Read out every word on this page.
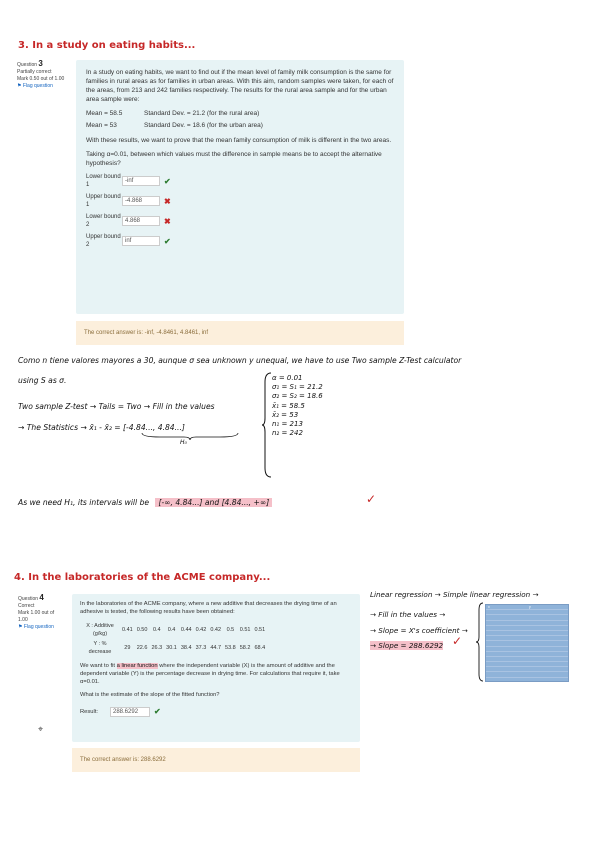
3. In a study on eating habits...
Question 3
Partially correct
Mark 0.50 out of 1.00
⚑ Flag question

In a study on eating habits, we want to find out if the mean level of family milk consumption is the same for families in rural areas as for families in urban areas. With this aim, random samples were taken, for each of the areas, from 213 and 242 families respectively. The results for the rural area sample and for the urban area sample were:

Mean = 58.5	Standard Dev. = 21.2 (for the rural area)
Mean = 53	Standard Dev. = 18.6 (for the urban area)

With these results, we want to prove that the mean family consumption of milk is different in the two areas.

Taking α=0.01, between which values must the difference in sample means be to accept the alternative hypothesis?

Lower bound 1
-inf	✔
Upper bound 1
-4.868	✖
Lower bound 2
4.868	✖
Upper bound 2
inf	✔
The correct answer is: -inf, -4.8461, 4.8461, inf
Como n tiene valores mayores a 30, aunque σ sea unknown y unequal, we have to use Two sample Z-Test calculator
using S as σ.
Two sample Z-test → Tails = Two → Fill in the values
→ The Statistics → x̄₁ - x̄₂ = [-4.84..., 4.84...]
H₀
α = 0.01
σ₁ = S₁ = 21.2
σ₂ = S₂ = 18.6
x̄₁ = 58.5
x̄₂ = 53
n₁ = 213
n₂ = 242
As we need H₁, its intervals will be [-∞, 4.84...] and [4.84..., +∞]	✓
4. In the laboratories of the ACME company...
Question 4
Correct
Mark 1.00 out of 1.00
⚑ Flag question

In the laboratories of the ACME company, where a new additive that decreases the drying time of an adhesive is tested, the following results have been obtained:

X : Additive (g/kg)	0.41	0.50	0.4	0.4	0.44	0.42	0.42	0.5	0.51	0.51
Y : % decrease	29	22.6	26.3	30.1	38.4	37.3	44.7	53.8	58.2	68.4

We want to fit a linear function where the independent variable (X) is the amount of additive and the dependent variable (Y) is the percentage decrease in drying time. For calculations that require it, take α=0.01.

What is the estimate of the slope of the fitted function?

Result:	288.6292	✔
⌖
The correct answer is: 288.6292
Linear regression → Simple linear regression →
→ Fill in the values →
→ Slope = X's coefficient →
→ Slope = 288.6292 ✓
x	y
